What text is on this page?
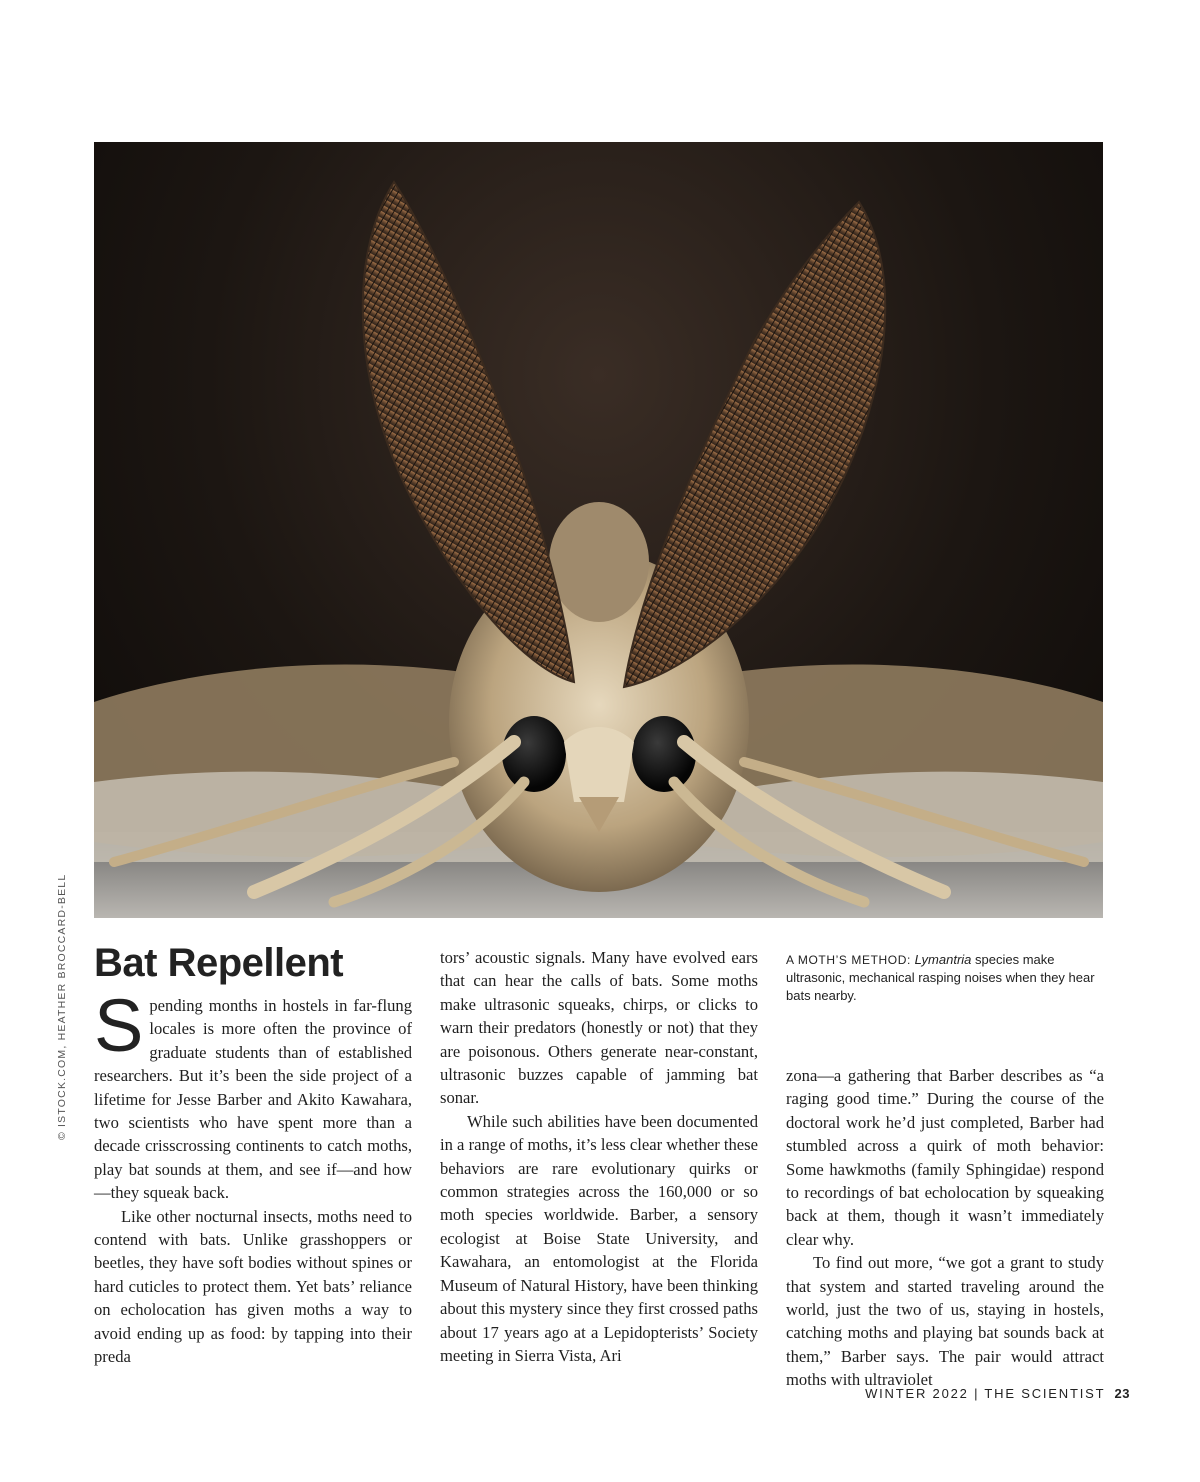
© ISTOCK.COM, HEATHER BROCCARD-BELL Bat Repellent

Spending months in hostels in far-flung locales is more often the province of graduate students than of established researchers. But it’s been the side project of a lifetime for Jesse Barber and Akito Kawahara, two scientists who have spent more than a decade crisscrossing continents to catch moths, play bat sounds at them, and see if—and how—they squeak back.

Like other nocturnal insects, moths need to contend with bats. Unlike grasshoppers or beetles, they have soft bodies without spines or hard cuticles to protect them. Yet bats’ reliance on echolocation has given moths a way to avoid ending up as food: by tapping into their preda

tors’ acoustic signals. Many have evolved ears that can hear the calls of bats. Some moths make ultrasonic squeaks, chirps, or clicks to warn their predators (honestly or not) that they are poisonous. Others generate near-constant, ultrasonic buzzes capable of jamming bat sonar.

While such abilities have been documented in a range of moths, it’s less clear whether these behaviors are rare evolutionary quirks or common strategies across the 160,000 or so moth species worldwide. Barber, a sensory ecologist at Boise State University, and Kawahara, an entomologist at the Florida Museum of Natural History, have been thinking about this mystery since they first crossed paths about 17 years ago at a Lepidopterists’ Society meeting in Sierra Vista, Ari

A MOTH’S METHOD: Lymantria species make ultrasonic, mechanical rasping noises when they hear bats nearby.

zona—a gathering that Barber describes as “a raging good time.” During the course of the doctoral work he’d just completed, Barber had stumbled across a quirk of moth behavior: Some hawkmoths (family Sphingidae) respond to recordings of bat echolocation by squeaking back at them, though it wasn’t immediately clear why.

To find out more, “we got a grant to study that system and started traveling around the world, just the two of us, staying in hostels, catching moths and playing bat sounds back at them,” Barber says. The pair would attract moths with ultraviolet

WINTER 2022 | THE SCIENTIST 23
